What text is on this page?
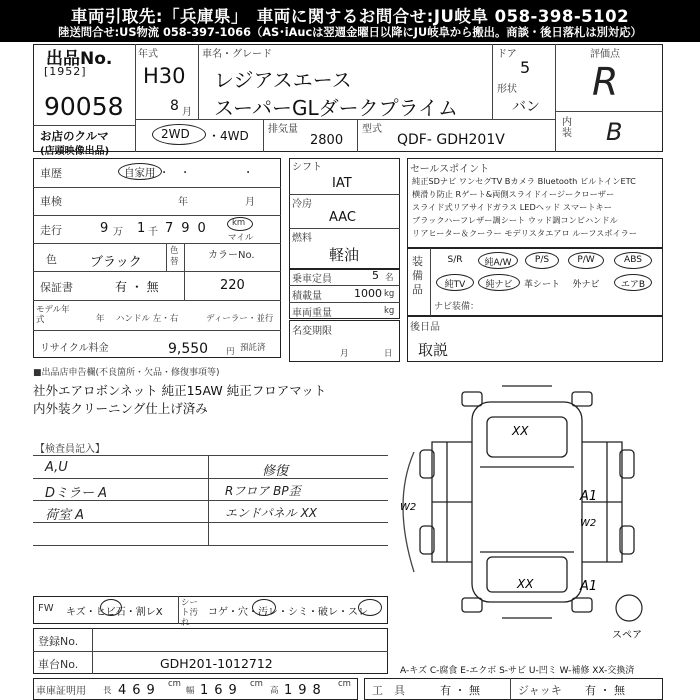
車両引取先:「兵庫県」　車両に関するお問合せ:JU岐阜 058-398-5102
陸送問合せ:US物流 058-397-1066（AS･iAucは翌週金曜日以降にJU岐阜から搬出。商談・後日落札は別対応）
出品No.
[1952]
90058
お店のクルマ
(店頭映像出品)
年式
H30
8 月
車名・グレード
レジアスエース
スーパーGLダークプライム
ドア
5
形状
バン
評価点
R
内装 B
2WD ・4WD 排気量
2800
型式
QDF- GDH201V
車歴	自家用 ・　・　　　　　・
車検	年	月
走行	9 万 1 千 790 km
マイル
色	ブラック
色替
カラーNo.
220
保証書	有 ・ 無
モデル年式	年 ハンドル 左・右	ディーラー・並行
リサイクル料金	9,550 円 預託済
シフト
IAT
冷房
AAC
燃料
軽油
乗車定員	5 名
積載量	1000 kg
車両重量	kg
名変期限
月	日
セールスポイント
純正SDナビ ワンセグTV Bカメラ Bluetooth ビルトインETC
横滑り防止 Rゲート&両側スライドイージークローザー
スライド式リアサイドガラス LEDヘッド スマートキー
ブラックハーフレザー調シート ウッド調コンビハンドル
リアヒーター＆クーラー モデリスタエアロ ルーフスポイラー
装備品
S/R	純A/W	P/S	P/W	ABS
純TV	純ナビ	革シート	外ナビ	エアB
ナビ装備：
後日品
取説
■出品店申告欄(不良箇所・欠品・修復事項等)
社外エアロボンネット 純正15AW 純正フロアマット
内外装クリーニング仕上げ済み
【検査員記入】
A,U
Dミラー A
荷室 A
修復
Rフロア BP歪
エンドパネル XX
XX
W2
A1
W2
XX	A1
スペア
FW キズ・ヒビ石・割レX
シート汚れ
コゲ・穴・汚レ・シミ・破レ・スレ
登録No.
車台No.	GDH201-1012712	A-キズ C-腐食 E-エクボ S-サビ U-凹ミ W-補修 XX-交換済
車庫証明用 長 469 cm
幅 169 cm
高 198 cm 工　具	有 ・ 無	ジャッキ 有 ・ 無
